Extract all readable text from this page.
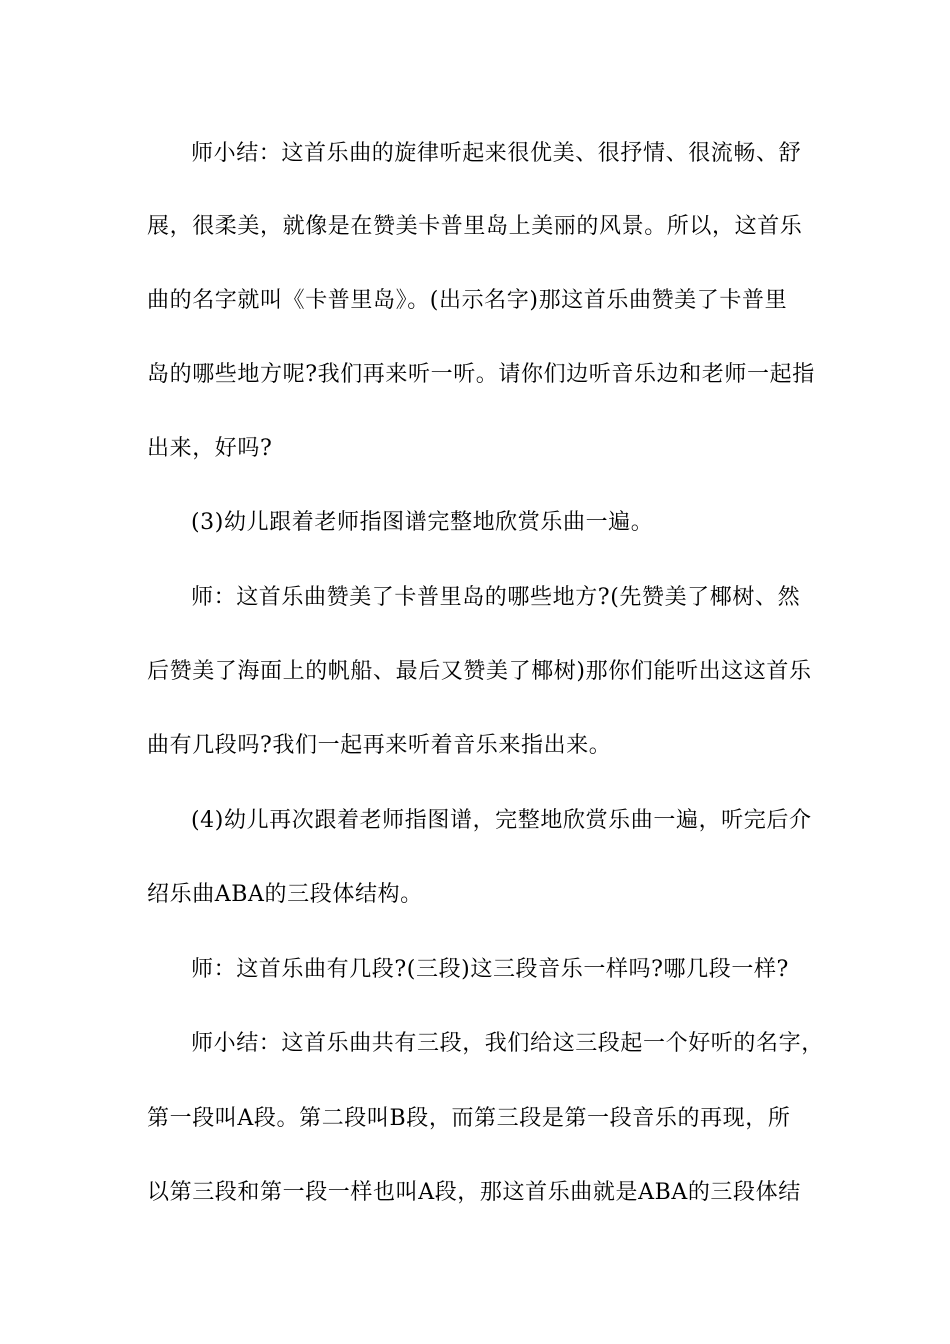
师小结：这首乐曲的旋律听起来很优美、很抒情、很流畅、舒
展，很柔美，就像是在赞美卡普里岛上美丽的风景。所以，这首乐
曲的名字就叫《卡普里岛》。(出示名字)那这首乐曲赞美了卡普里
岛的哪些地方呢?我们再来听一听。请你们边听音乐边和老师一起指
出来，好吗?
(3)幼儿跟着老师指图谱完整地欣赏乐曲一遍。
师：这首乐曲赞美了卡普里岛的哪些地方?(先赞美了椰树、然
后赞美了海面上的帆船、最后又赞美了椰树)那你们能听出这这首乐
曲有几段吗?我们一起再来听着音乐来指出来。
(4)幼儿再次跟着老师指图谱，完整地欣赏乐曲一遍，听完后介
绍乐曲ABA的三段体结构。
师：这首乐曲有几段?(三段)这三段音乐一样吗?哪几段一样?
师小结：这首乐曲共有三段，我们给这三段起一个好听的名字，
第一段叫A段。第二段叫B段，而第三段是第一段音乐的再现，所
以第三段和第一段一样也叫A段，那这首乐曲就是ABA的三段体结
